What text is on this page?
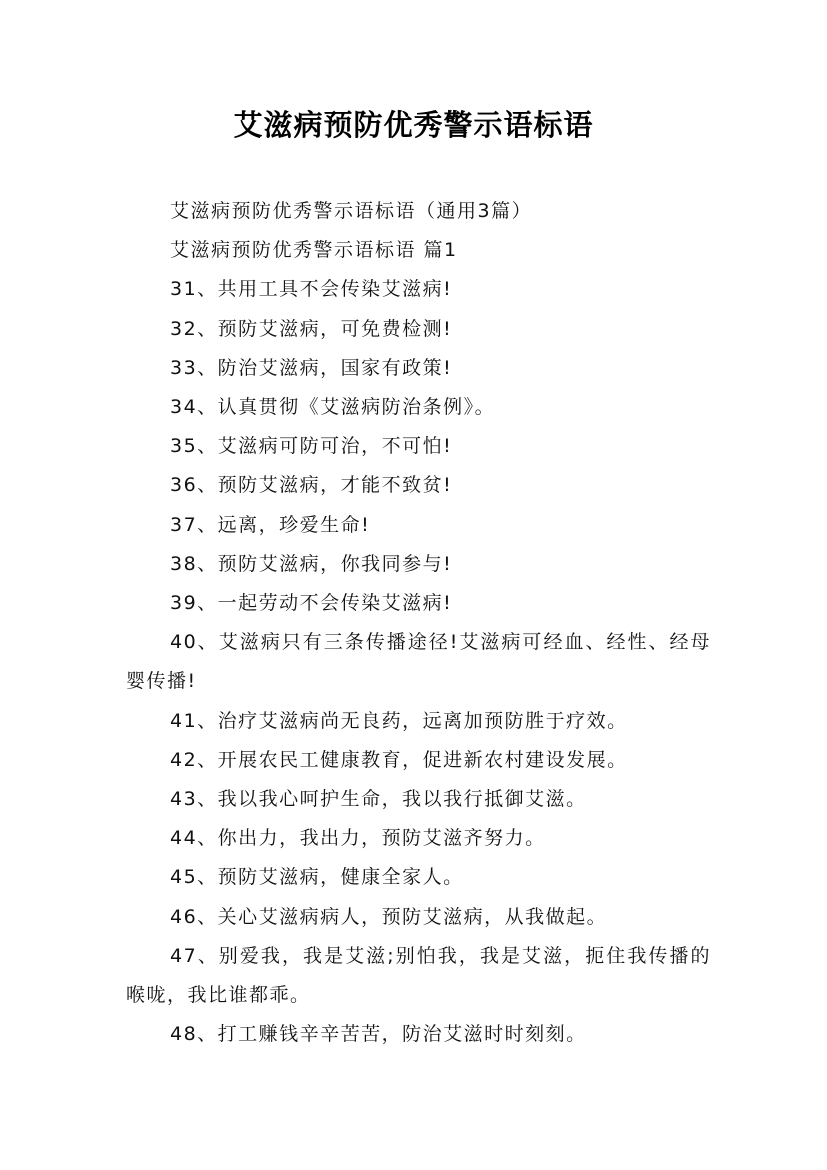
艾滋病预防优秀警示语标语

艾滋病预防优秀警示语标语（通用3篇）

艾滋病预防优秀警示语标语 篇1

31、共用工具不会传染艾滋病!

32、预防艾滋病，可免费检测!

33、防治艾滋病，国家有政策!

34、认真贯彻《艾滋病防治条例》。

35、艾滋病可防可治，不可怕!

36、预防艾滋病，才能不致贫!

37、远离，珍爱生命!

38、预防艾滋病，你我同参与!

39、一起劳动不会传染艾滋病!

40、艾滋病只有三条传播途径!艾滋病可经血、经性、经母婴传播!

41、治疗艾滋病尚无良药，远离加预防胜于疗效。

42、开展农民工健康教育，促进新农村建设发展。

43、我以我心呵护生命，我以我行抵御艾滋。

44、你出力，我出力，预防艾滋齐努力。

45、预防艾滋病，健康全家人。

46、关心艾滋病病人，预防艾滋病，从我做起。

47、别爱我，我是艾滋;别怕我，我是艾滋，扼住我传播的喉咙，我比谁都乖。

48、打工赚钱辛辛苦苦，防治艾滋时时刻刻。
